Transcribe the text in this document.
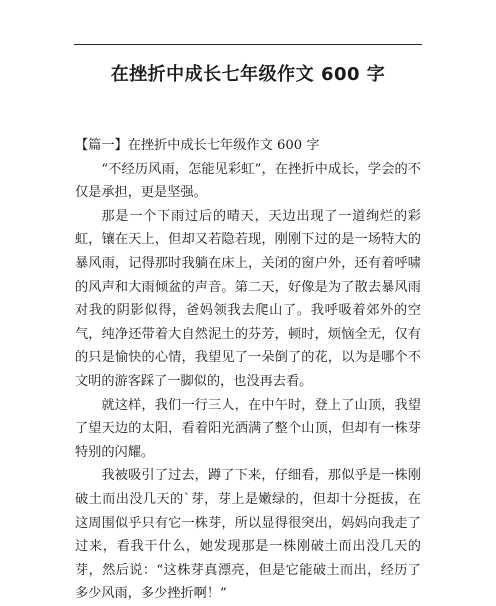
在挫折中成长七年级作文 600 字

【篇一】在挫折中成长七年级作文 600 字

“不经历风雨，怎能见彩虹”，在挫折中成长，学会的不仅是承担，更是坚强。

那是一个下雨过后的晴天，天边出现了一道绚烂的彩虹，镶在天上，但却又若隐若现，刚刚下过的是一场特大的暴风雨，记得那时我躺在床上，关闭的窗户外，还有着呼啸的风声和大雨倾盆的声音。第二天，好像是为了散去暴风雨对我的阴影似得，爸妈领我去爬山了。我呼吸着郊外的空气，纯净还带着大自然泥土的芬芳，顿时，烦恼全无，仅有的只是愉快的心情，我望见了一朵倒了的花，以为是哪个不文明的游客踩了一脚似的，也没再去看。

就这样，我们一行三人，在中午时，登上了山顶，我望了望天边的太阳，看着阳光洒满了整个山顶，但却有一株芽特别的闪耀。

我被吸引了过去，蹲了下来，仔细看，那似乎是一株刚破土而出没几天的`芽，芽上是嫩绿的，但却十分挺拔，在这周围似乎只有它一株芽，所以显得很突出，妈妈向我走了过来，看我干什么，她发现那是一株刚破土而出没几天的芽，然后说：“这株芽真漂亮，但是它能破土而出，经历了多少风雨，多少挫折啊！”
